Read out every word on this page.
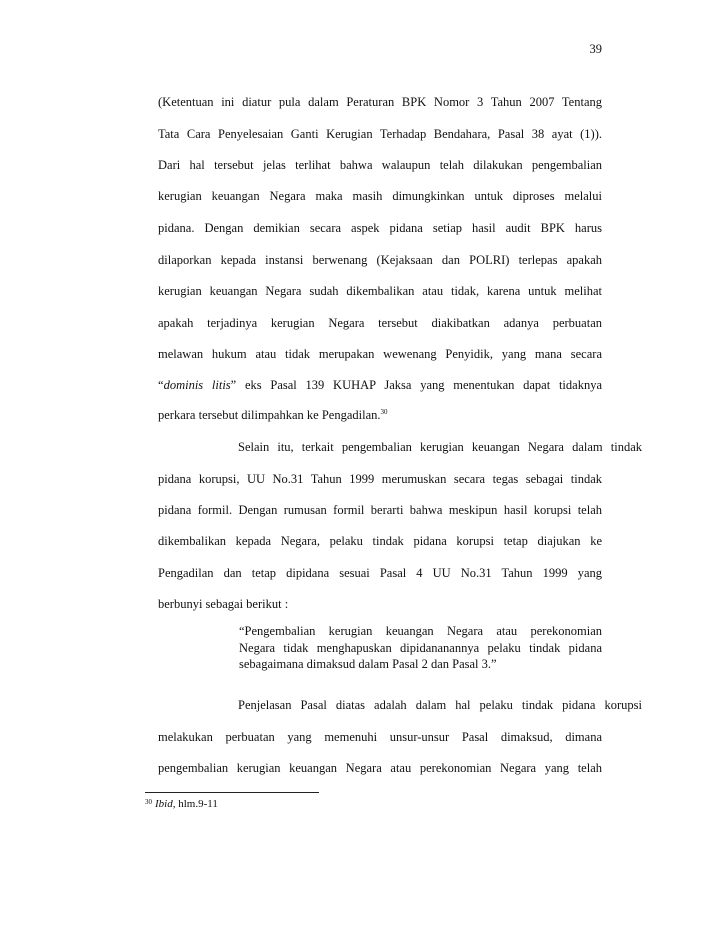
39
(Ketentuan ini diatur pula dalam Peraturan BPK Nomor 3 Tahun 2007 Tentang
Tata Cara Penyelesaian Ganti Kerugian Terhadap Bendahara, Pasal 38 ayat (1)).
Dari hal tersebut jelas terlihat bahwa walaupun telah dilakukan pengembalian
kerugian keuangan Negara maka masih dimungkinkan untuk diproses melalui
pidana. Dengan demikian secara aspek pidana setiap hasil audit BPK harus
dilaporkan kepada instansi berwenang (Kejaksaan dan POLRI) terlepas apakah
kerugian keuangan Negara sudah dikembalikan atau tidak, karena untuk melihat
apakah terjadinya kerugian Negara tersebut diakibatkan adanya perbuatan
melawan hukum atau tidak merupakan wewenang Penyidik, yang mana secara
“dominis litis” eks Pasal 139 KUHAP Jaksa yang menentukan dapat tidaknya
perkara tersebut dilimpahkan ke Pengadilan.$^{30}$
Selain itu, terkait pengembalian kerugian keuangan Negara dalam tindak
pidana korupsi, UU No.31 Tahun 1999 merumuskan secara tegas sebagai tindak
pidana formil. Dengan rumusan formil berarti bahwa meskipun hasil korupsi telah
dikembalikan kepada Negara, pelaku tindak pidana korupsi tetap diajukan ke
Pengadilan dan tetap dipidana sesuai Pasal 4 UU No.31 Tahun 1999 yang
berbunyi sebagai berikut :
“Pengembalian kerugian keuangan Negara atau perekonomian
Negara tidak menghapuskan dipidananannya pelaku tindak pidana
sebagaimana dimaksud dalam Pasal 2 dan Pasal 3.”
Penjelasan Pasal diatas adalah dalam hal pelaku tindak pidana korupsi
melakukan perbuatan yang memenuhi unsur-unsur Pasal dimaksud, dimana
pengembalian kerugian keuangan Negara atau perekonomian Negara yang telah
$^{30}$ Ibid, hlm.9-11
